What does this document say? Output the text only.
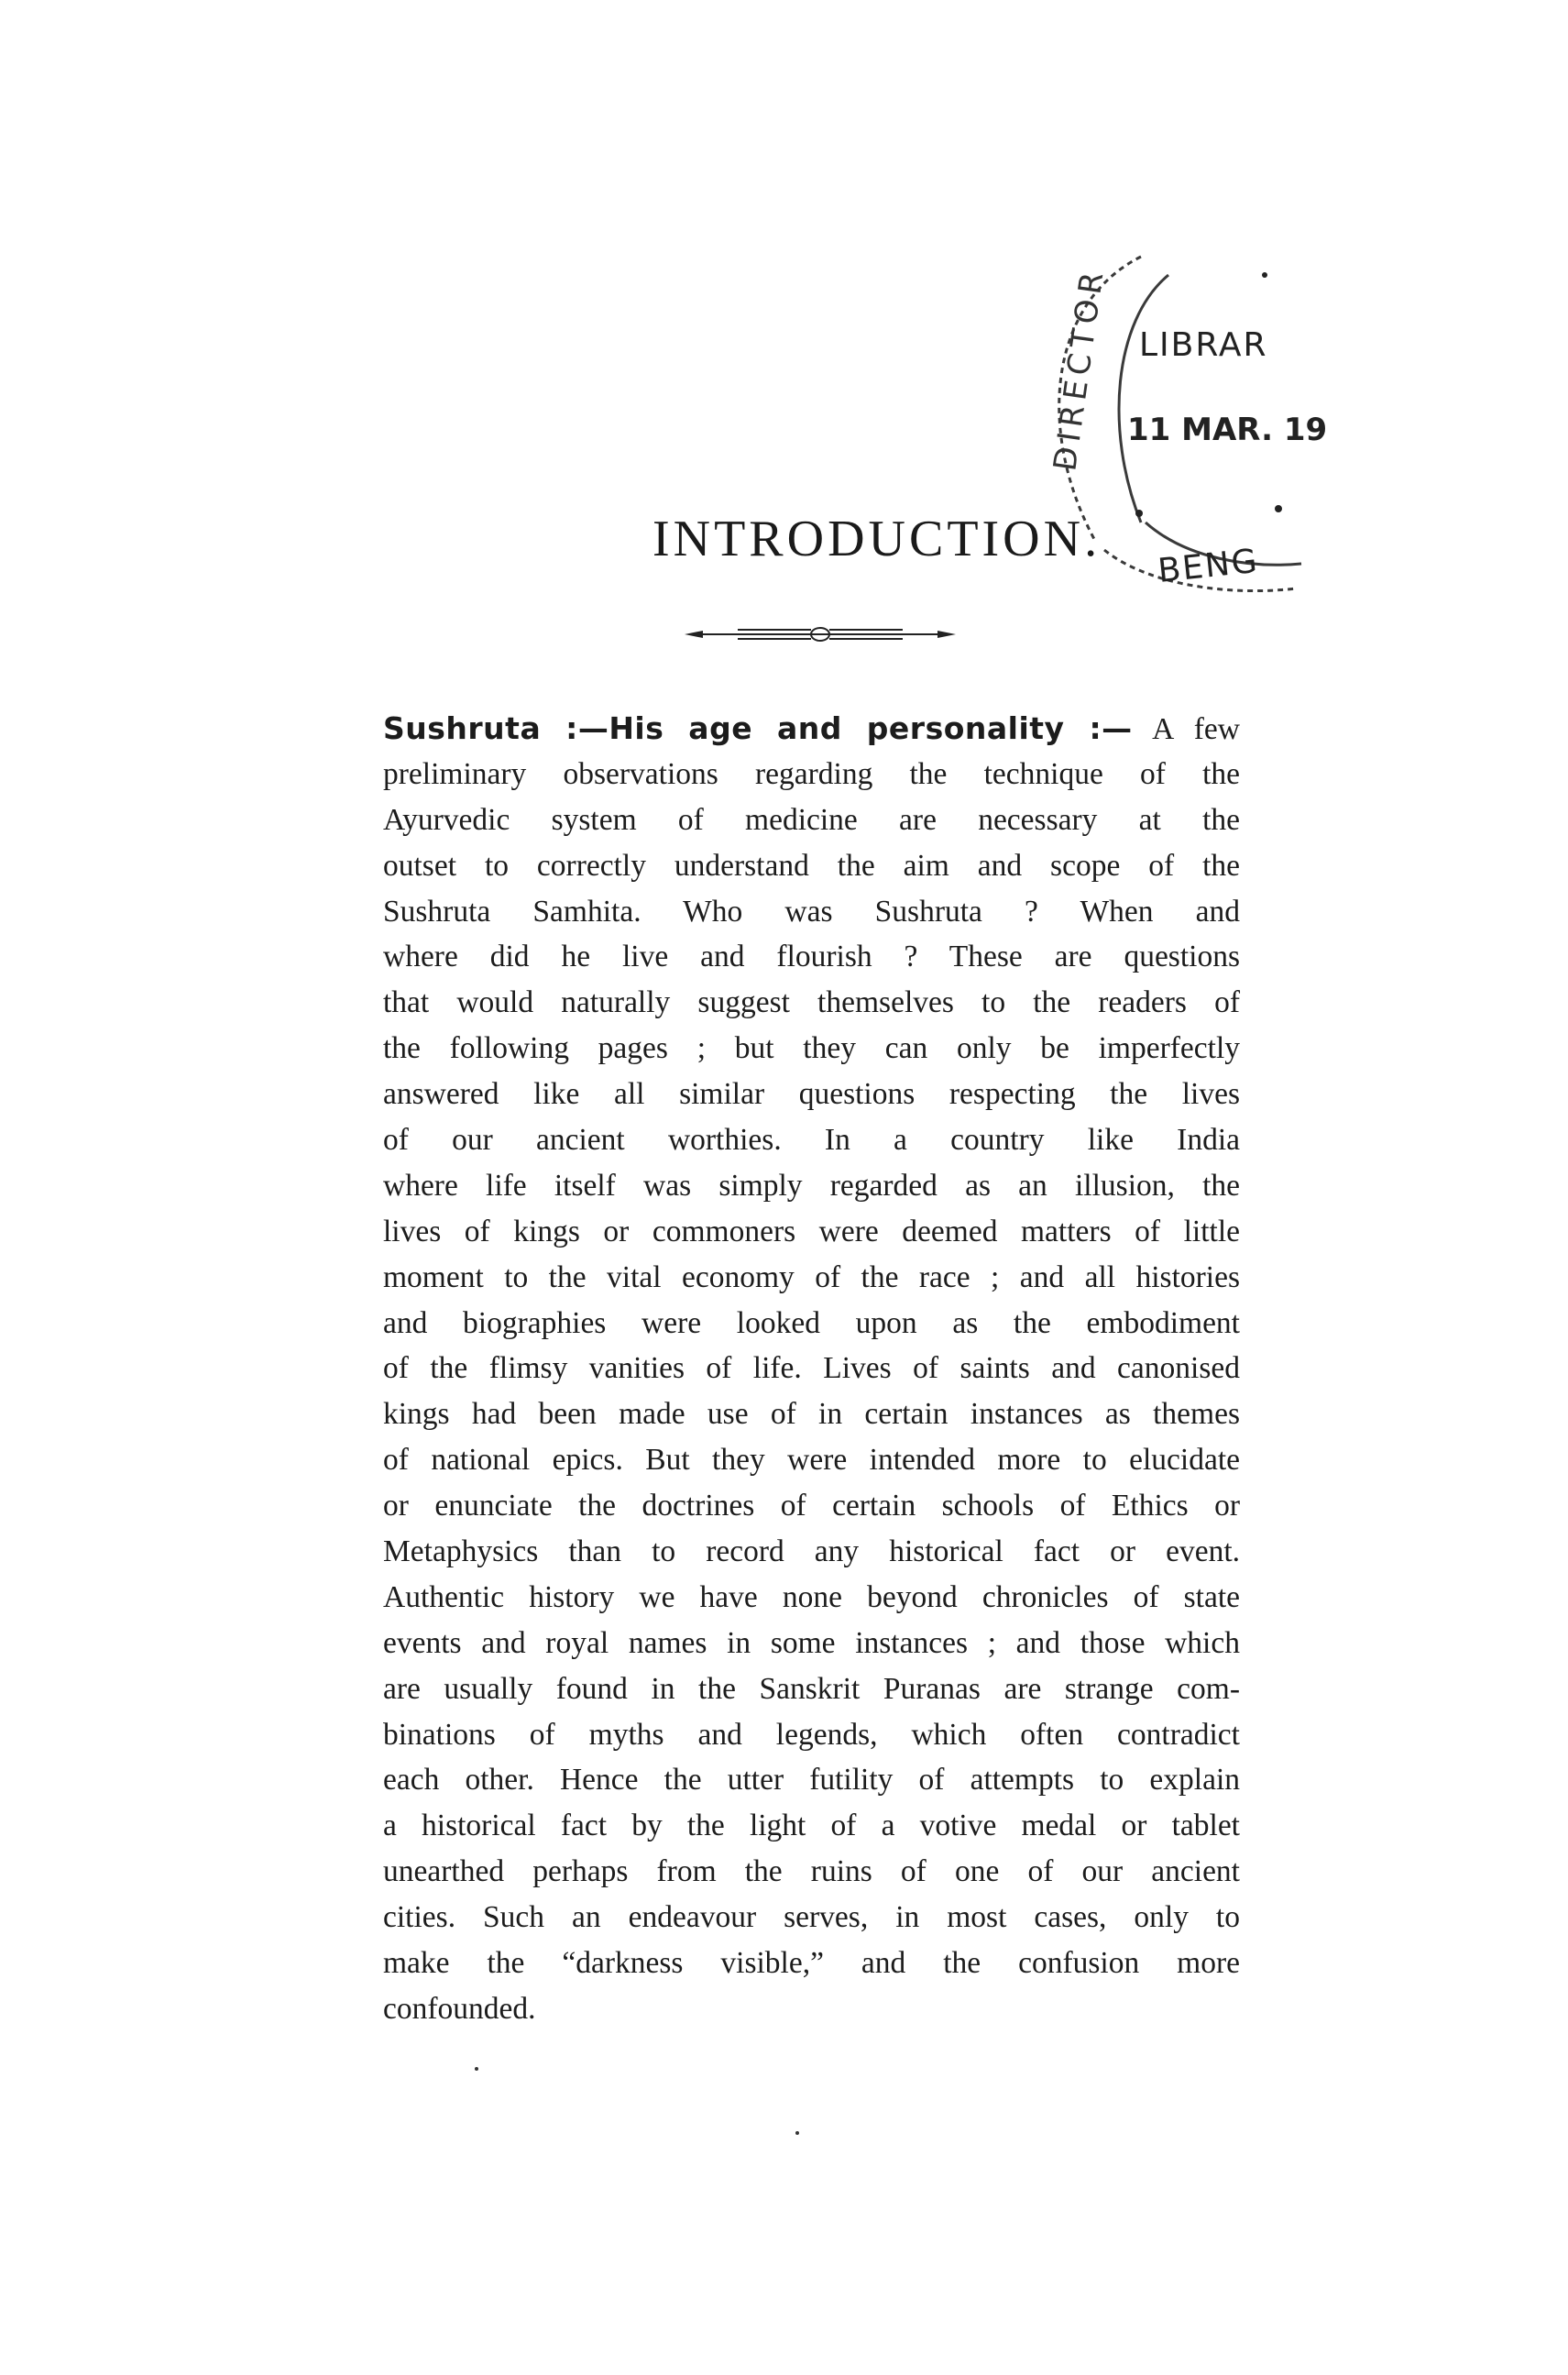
DIRECTOR LIBRAR
11 MAR. 19
BENG
INTRODUCTION.
Sushruta :—His age and personality :— A few
preliminary observations regarding the technique of the
Ayurvedic system of medicine are necessary at the
outset to correctly understand the aim and scope of the
Sushruta Samhita. Who was Sushruta ? When and
where did he live and flourish ? These are questions
that would naturally suggest themselves to the readers of
the following pages ; but they can only be imperfectly
answered like all similar questions respecting the lives
of our ancient worthies. In a country like India
where life itself was simply regarded as an illusion, the
lives of kings or commoners were deemed matters of little
moment to the vital economy of the race ; and all histories
and biographies were looked upon as the embodiment
of the flimsy vanities of life. Lives of saints and canonised
kings had been made use of in certain instances as themes
of national epics. But they were intended more to elucidate
or enunciate the doctrines of certain schools of Ethics or
Metaphysics than to record any historical fact or event.
Authentic history we have none beyond chronicles of state
events and royal names in some instances ; and those which
are usually found in the Sanskrit Puranas are strange com-
binations of myths and legends, which often contradict
each other. Hence the utter futility of attempts to explain
a historical fact by the light of a votive medal or tablet
unearthed perhaps from the ruins of one of our ancient
cities. Such an endeavour serves, in most cases, only to
make the “darkness visible,” and the confusion more
confounded.
